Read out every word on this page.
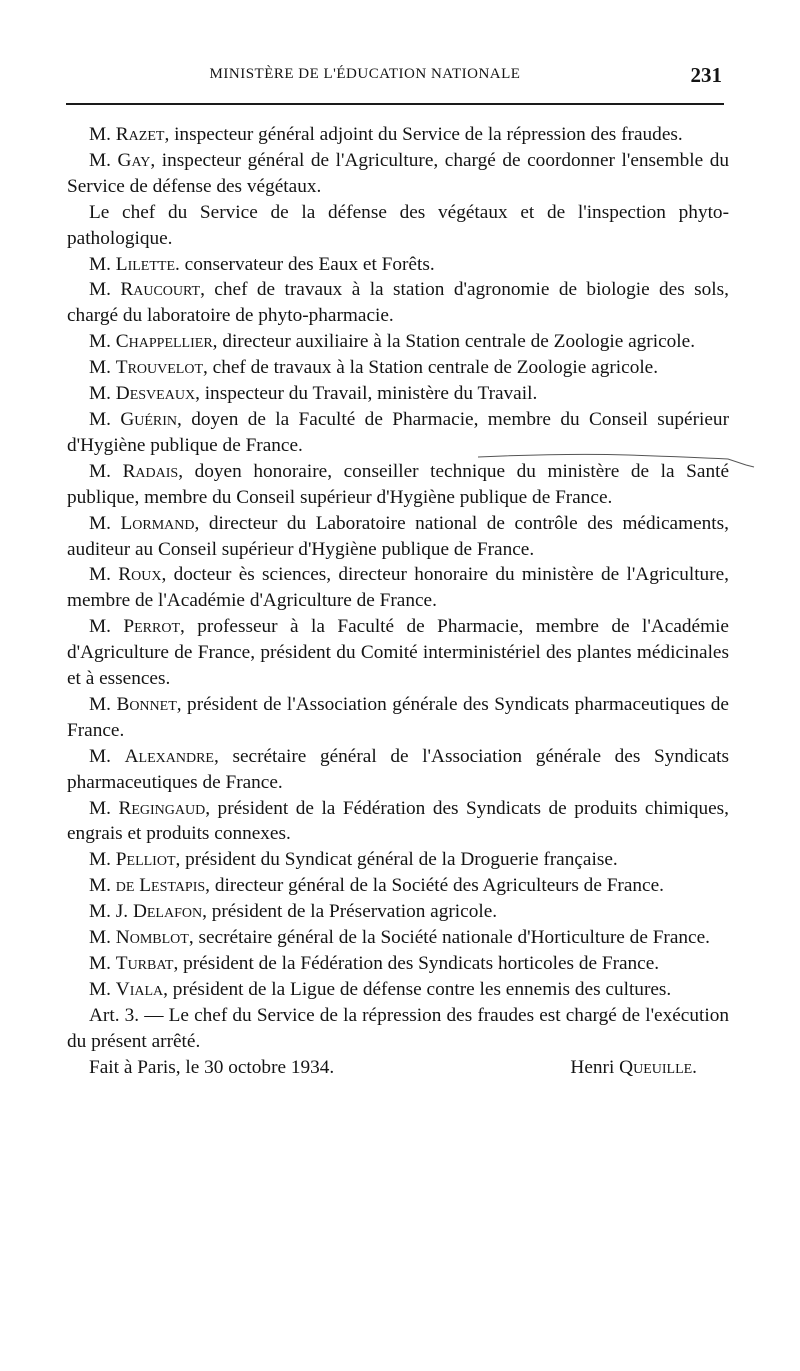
MINISTÈRE DE L'ÉDUCATION NATIONALE	231

M. Razet, inspecteur général adjoint du Service de la répression des fraudes.

M. Gay, inspecteur général de l'Agriculture, chargé de coordonner l'ensemble du Service de défense des végétaux.

Le chef du Service de la défense des végétaux et de l'inspection phyto-pathologique.

M. Lilette. conservateur des Eaux et Forêts.

M. Raucourt, chef de travaux à la station d'agronomie de biologie des sols, chargé du laboratoire de phyto-pharmacie.

M. Chappellier, directeur auxiliaire à la Station centrale de Zoologie agricole.

M. Trouvelot, chef de travaux à la Station centrale de Zoologie agricole.

M. Desveaux, inspecteur du Travail, ministère du Travail.

M. Guérin, doyen de la Faculté de Pharmacie, membre du Conseil supérieur d'Hygiène publique de France.

M. Radais, doyen honoraire, conseiller technique du ministère de la Santé publique, membre du Conseil supérieur d'Hygiène publique de France.

M. Lormand, directeur du Laboratoire national de contrôle des médicaments, auditeur au Conseil supérieur d'Hygiène publique de France.

M. Roux, docteur ès sciences, directeur honoraire du ministère de l'Agriculture, membre de l'Académie d'Agriculture de France.

M. Perrot, professeur à la Faculté de Pharmacie, membre de l'Académie d'Agriculture de France, président du Comité interministériel des plantes médicinales et à essences.

M. Bonnet, président de l'Association générale des Syndicats pharmaceutiques de France.

M. Alexandre, secrétaire général de l'Association générale des Syndicats pharmaceutiques de France.

M. Regingaud, président de la Fédération des Syndicats de produits chimiques, engrais et produits connexes.

M. Pelliot, président du Syndicat général de la Droguerie française.

M. de Lestapis, directeur général de la Société des Agriculteurs de France.

M. J. Delafon, président de la Préservation agricole.

M. Nomblot, secrétaire général de la Société nationale d'Horticulture de France.

M. Turbat, président de la Fédération des Syndicats horticoles de France.

M. Viala, président de la Ligue de défense contre les ennemis des cultures.

Art. 3. — Le chef du Service de la répression des fraudes est chargé de l'exécution du présent arrêté.

Fait à Paris, le 30 octobre 1934.	Henri Queuille.
